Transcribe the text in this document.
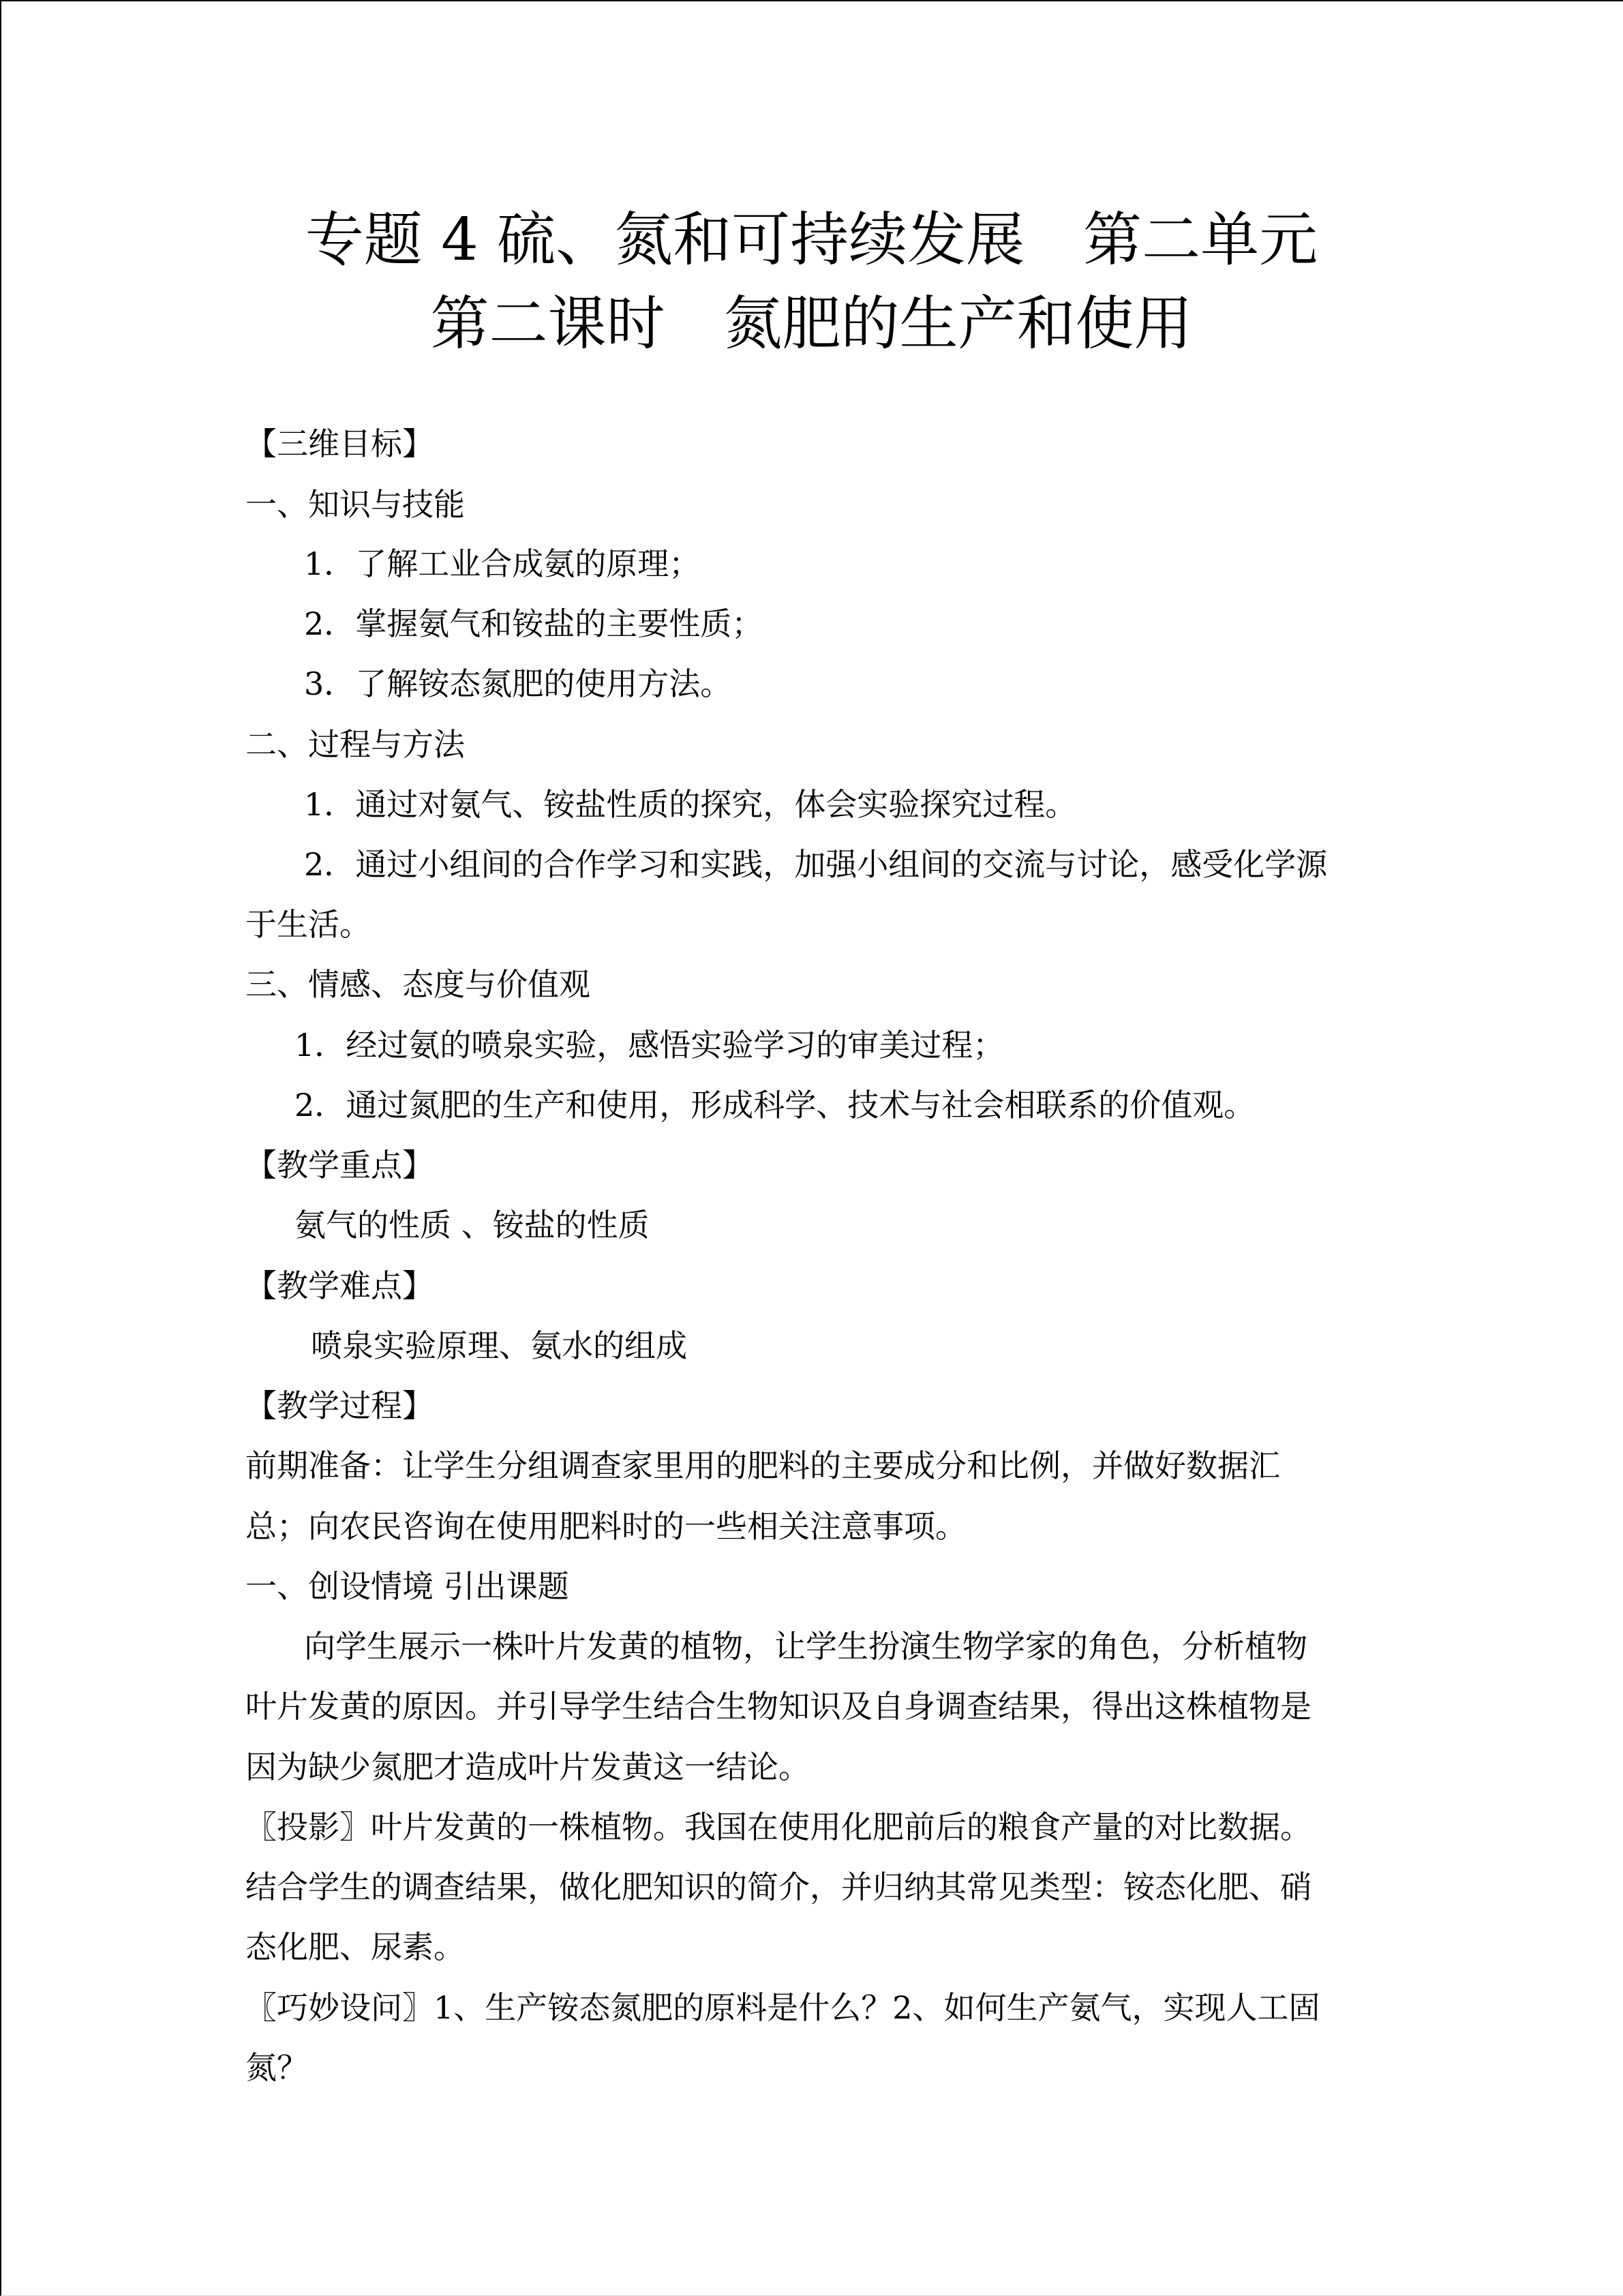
专题 4 硫、氮和可持续发展　第二单元
第二课时　氮肥的生产和使用
【三维目标】
一、知识与技能
1．了解工业合成氨的原理；
2．掌握氨气和铵盐的主要性质；
3．了解铵态氮肥的使用方法。
二、过程与方法
1．通过对氨气、铵盐性质的探究，体会实验探究过程。
2．通过小组间的合作学习和实践，加强小组间的交流与讨论，感受化学源
于生活。
三、情感、态度与价值观
1．经过氨的喷泉实验，感悟实验学习的审美过程；
2．通过氮肥的生产和使用，形成科学、技术与社会相联系的价值观。
【教学重点】
氨气的性质 、铵盐的性质
【教学难点】
喷泉实验原理、氨水的组成
【教学过程】
前期准备：让学生分组调查家里用的肥料的主要成分和比例，并做好数据汇
总；向农民咨询在使用肥料时的一些相关注意事项。
一、创设情境 引出课题
向学生展示一株叶片发黄的植物，让学生扮演生物学家的角色，分析植物
叶片发黄的原因。并引导学生结合生物知识及自身调查结果，得出这株植物是
因为缺少氮肥才造成叶片发黄这一结论。
〖投影〗叶片发黄的一株植物。我国在使用化肥前后的粮食产量的对比数据。
结合学生的调查结果，做化肥知识的简介，并归纳其常见类型：铵态化肥、硝
态化肥、尿素。
〖巧妙设问〗1、生产铵态氮肥的原料是什么？2、如何生产氨气，实现人工固
氮？
